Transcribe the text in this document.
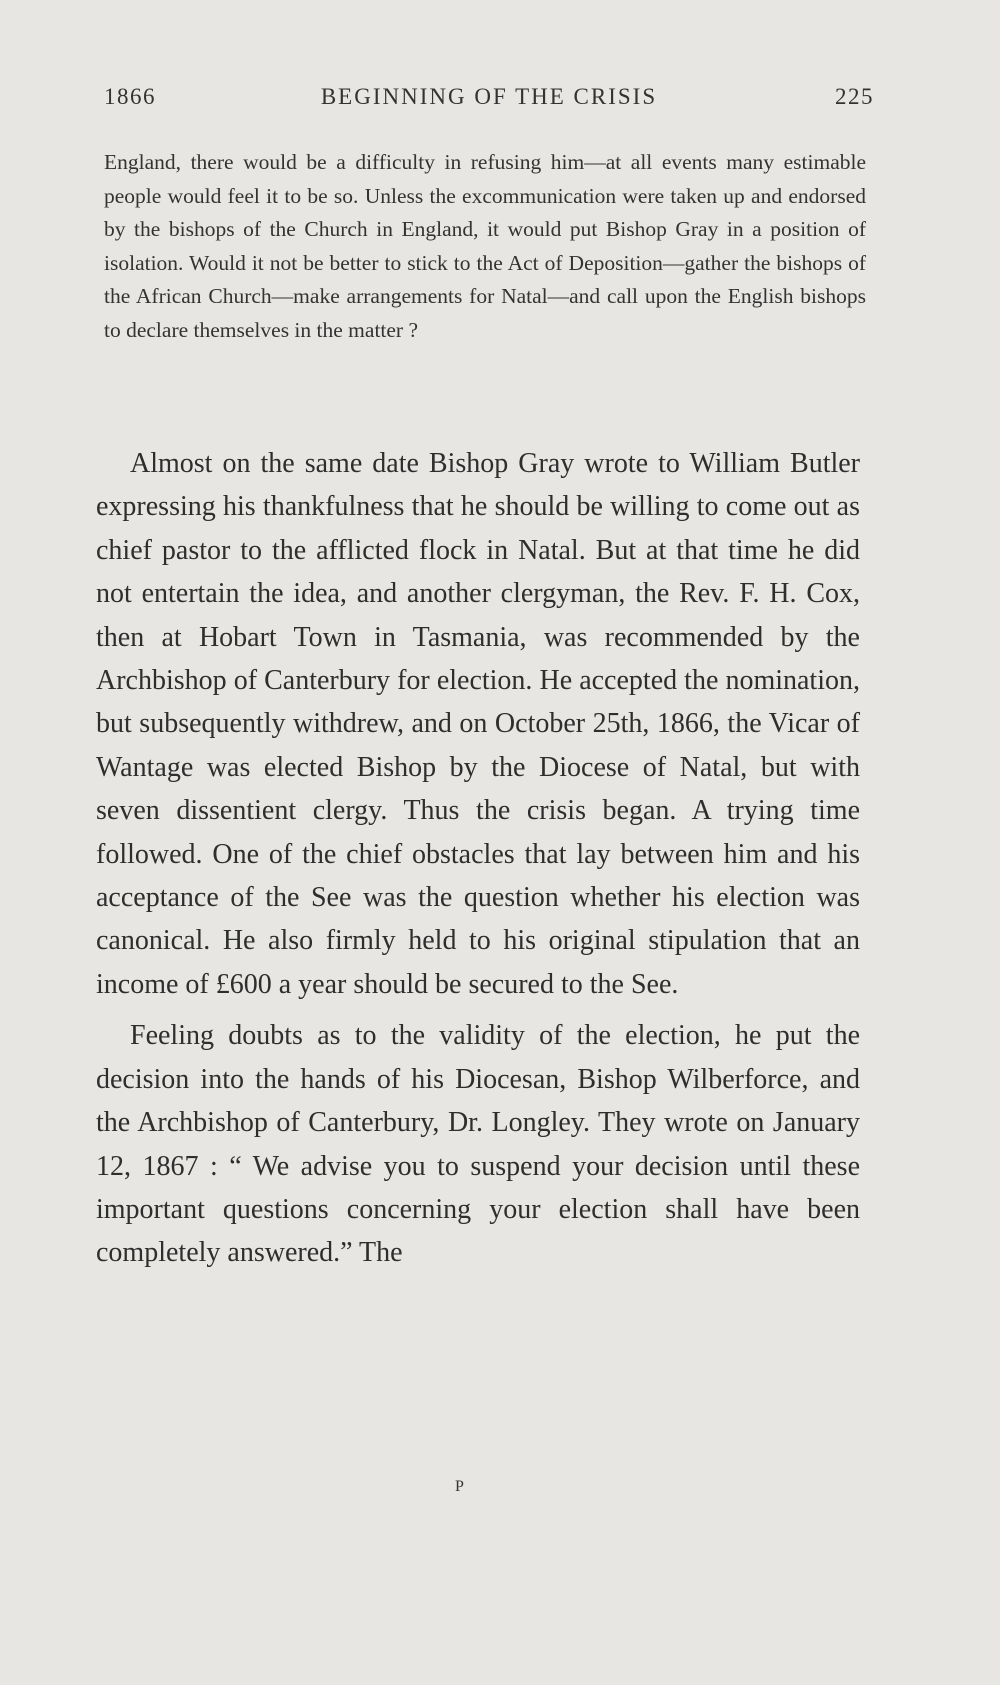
1866	BEGINNING OF THE CRISIS	225
England, there would be a difficulty in refusing him—at all events many estimable people would feel it to be so. Unless the excommunication were taken up and endorsed by the bishops of the Church in England, it would put Bishop Gray in a position of isolation. Would it not be better to stick to the Act of Deposition—gather the bishops of the African Church—make arrangements for Natal—and call upon the English bishops to declare themselves in the matter ?

Almost on the same date Bishop Gray wrote to William Butler expressing his thankfulness that he should be willing to come out as chief pastor to the afflicted flock in Natal. But at that time he did not entertain the idea, and another clergyman, the Rev. F. H. Cox, then at Hobart Town in Tasmania, was recommended by the Archbishop of Canterbury for election. He accepted the nomination, but subsequently withdrew, and on October 25th, 1866, the Vicar of Wantage was elected Bishop by the Diocese of Natal, but with seven dissentient clergy. Thus the crisis began. A trying time followed. One of the chief obstacles that lay between him and his acceptance of the See was the question whether his election was canonical. He also firmly held to his original stipulation that an income of £600 a year should be secured to the See.

Feeling doubts as to the validity of the election, he put the decision into the hands of his Diocesan, Bishop Wilberforce, and the Archbishop of Canterbury, Dr. Longley. They wrote on January 12, 1867 : “ We advise you to suspend your decision until these important questions concerning your election shall have been completely answered.” The

P
